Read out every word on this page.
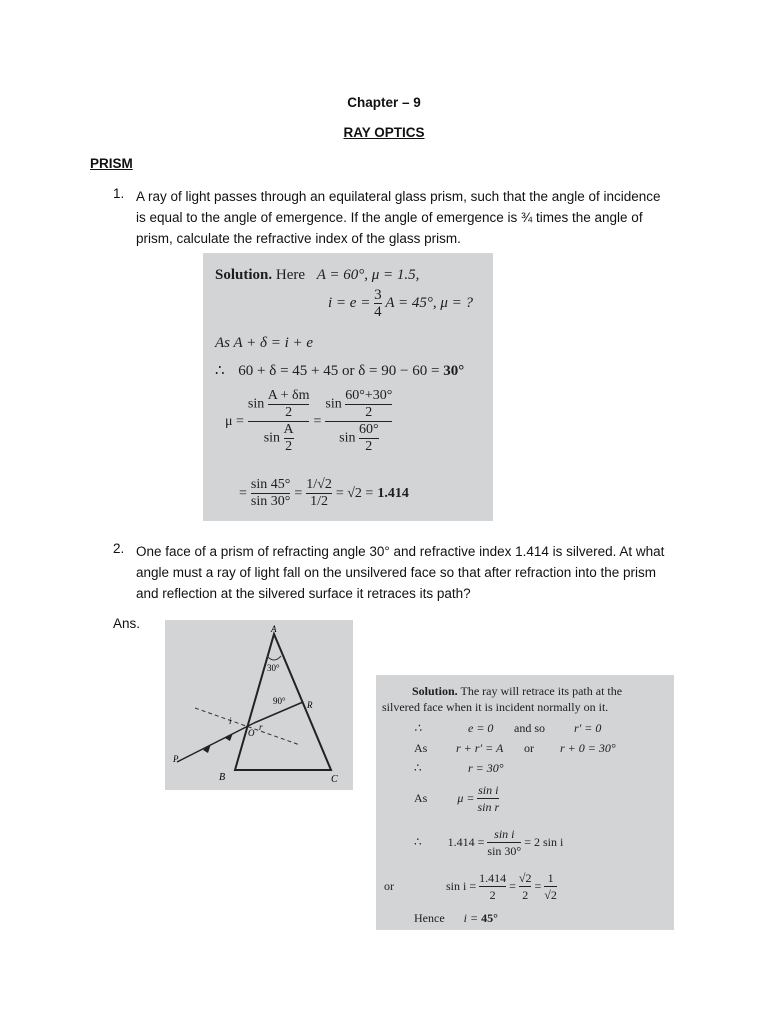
Chapter – 9
RAY OPTICS
PRISM
1. A ray of light passes through an equilateral glass prism, such that the angle of incidence
is equal to the angle of emergence. If the angle of emergence is ¾ times the angle of
prism, calculate the refractive index of the glass prism.
Solution. Here A = 60°, μ = 1.5,
$i = e = \frac{3}{4}$ A = 45°, μ = ?
As A + δ = i + e
∴ 60 + δ = 45 + 45 or δ = 90 − 60 = 30°
$\mu = \frac{\sin \frac{A + \delta m}{2}}{\sin \frac{A}{2}} = \frac{\sin \frac{60^\circ+30^\circ}{2}}{\sin \frac{60^\circ}{2}}$
= $\frac{\sin 45^\circ}{\sin 30^\circ} = \frac{1/√2}{1/2} = √2 = 1.414$
2. One face of a prism of refracting angle 30° and refractive index 1.414 is silvered. At what
angle must a ray of light fall on the unsilvered face so that after refraction into the prism
and reflection at the silvered surface it retraces its path?
Ans.
30°
90°
A
B	C
R
P
O
i
r
Solution. The ray will retrace its path at the
silvered face when it is incident normally on it.
∴	e = 0 and so r′ = 0
As r + r′ = A or r + 0 = 30°
∴	r = 30°
As	$\mu = \frac{\text{sin i}}{\text{sin r}}$
∴ $1.414 = \frac{\text{sin i}}{\sin 30^\circ} = 2$ sin i
or	$\sin i = \frac{1.414}{2} = \frac{√2}{2} = \frac{1}{√2}$
Hence i = 45°
